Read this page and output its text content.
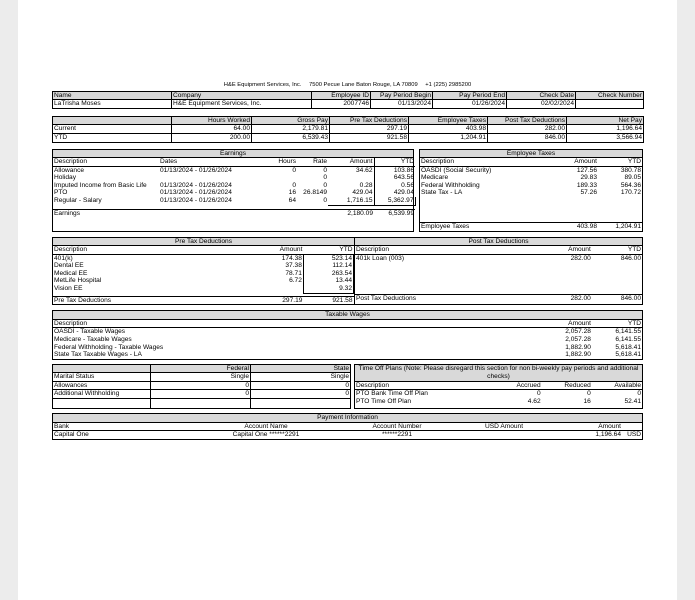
H&E Equipment Services, Inc. 7500 Pecue Lane Baton Rouge, LA 70809 +1 (225) 2985200
Name	Company	Employee ID	Pay Period Begin	Pay Period End	Check Date	Check Number
LaTrisha Moses	H&E Equipment Services, Inc.	2007746	01/13/2024	01/26/2024	02/02/2024	
	Hours Worked	Gross Pay	Pre Tax Deductions	Employee Taxes	Post Tax Deductions	Net Pay
Current	64.00	2,179.81	297.19	403.98	282.00	1,196.64
YTD	200.00	6,539.43	921.58	1,204.91	846.00	3,566.94
Earnings
Description	Dates	Hours	Rate	Amount	YTD
Allowance	01/13/2024 - 01/26/2024	0	0	34.62	103.86
Holiday			0		643.56
Imputed Income from Basic Life	01/13/2024 - 01/26/2024	0	0	0.28	0.56
PTO	01/13/2024 - 01/26/2024	16	26.8149	429.04	429.04
Regular - Salary	01/13/2024 - 01/26/2024	64	0	1,716.15	5,362.97

Earnings				2,180.09	6,539.99
Employee Taxes
Description	Amount	YTD
OASDI (Social Security)	127.56	380.78
Medicare	29.83	89.05
Federal Withholding	189.33	564.36
State Tax - LA	57.26	170.72

Employee Taxes	403.98	1,204.91
Pre Tax Deductions
Description	Amount	YTD
401(k)	174.38	523.14
Dental EE	37.38	112.14
Medical EE	78.71	263.54
MetLife Hospital	6.72	13.44
Vision EE		9.32

Pre Tax Deductions	297.19	921.58
Post Tax Deductions
Description	Amount	YTD
401k Loan (003)	282.00	846.00

Post Tax Deductions	282.00	846.00
Taxable Wages
Description	Amount	YTD
OASDI - Taxable Wages	2,057.28	6,141.55
Medicare - Taxable Wages	2,057.28	6,141.55
Federal Withholding - Taxable Wages	1,882.90	5,618.41
State Tax Taxable Wages - LA	1,882.90	5,618.41
	Federal	State
Marital Status	Single	Single
Allowances	0	0
Additional Withholding	0	0

Time Off Plans (Note: Please disregard this section for non bi-weekly pay periods and additional checks)
Description	Accrued	Reduced	Available
PTO Bank Time Off Plan	0	0	0
PTO Time Off Plan	4.62	16	52.41
Payment Information
Bank	Account Name	Account Number	USD Amount	Amount	
Capital One	Capital One ******2291	******2291		1,196.64	USD
